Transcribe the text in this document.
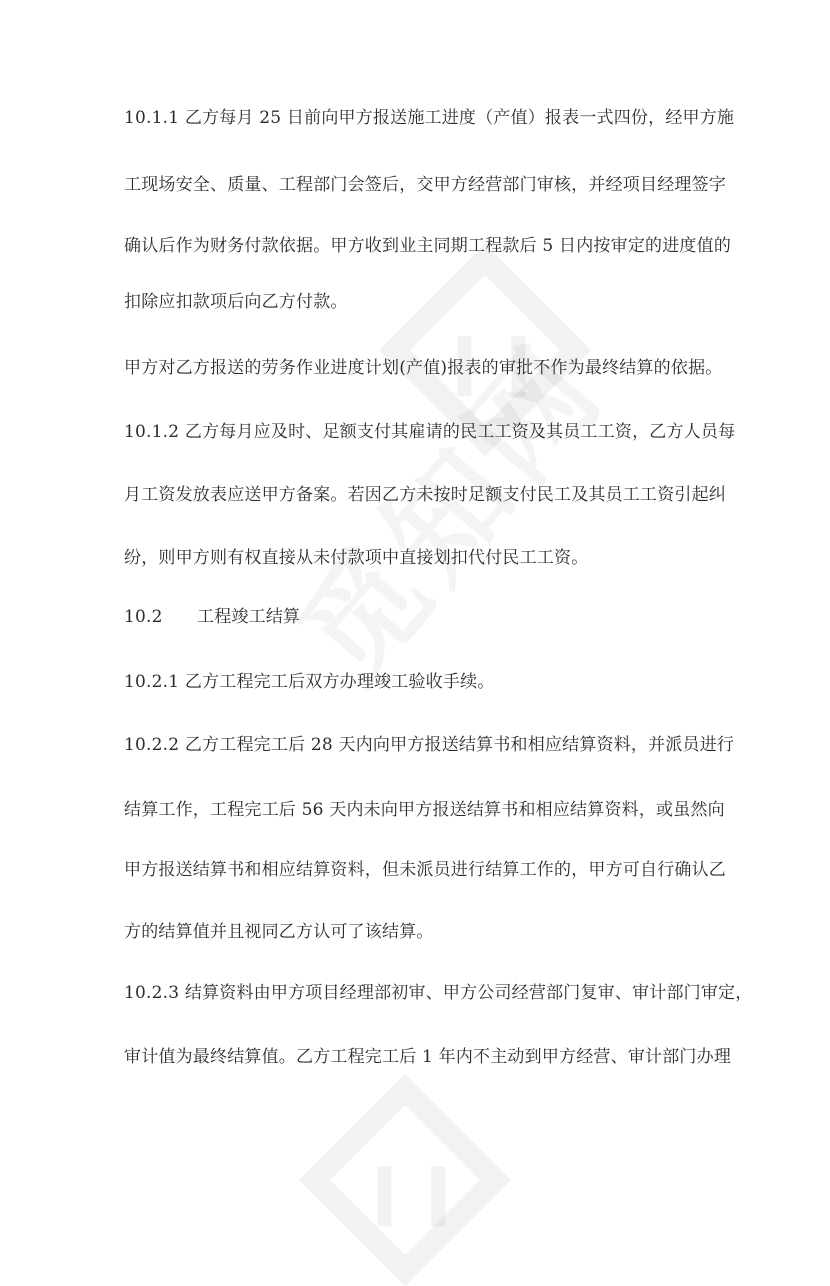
10.1.1 乙方每月 25 日前向甲方报送施工进度（产值）报表一式四份，经甲方施
工现场安全、质量、工程部门会签后，交甲方经营部门审核，并经项目经理签字
确认后作为财务付款依据。甲方收到业主同期工程款后 5 日内按审定的进度值的
扣除应扣款项后向乙方付款。
甲方对乙方报送的劳务作业进度计划(产值)报表的审批不作为最终结算的依据。
10.1.2 乙方每月应及时、足额支付其雇请的民工工资及其员工工资，乙方人员每
月工资发放表应送甲方备案。若因乙方未按时足额支付民工及其员工工资引起纠
纷，则甲方则有权直接从未付款项中直接划扣代付民工工资。
10.2　　工程竣工结算
10.2.1 乙方工程完工后双方办理竣工验收手续。
10.2.2 乙方工程完工后 28 天内向甲方报送结算书和相应结算资料，并派员进行
结算工作，工程完工后 56 天内未向甲方报送结算书和相应结算资料，或虽然向
甲方报送结算书和相应结算资料，但未派员进行结算工作的，甲方可自行确认乙
方的结算值并且视同乙方认可了该结算。
10.2.3 结算资料由甲方项目经理部初审、甲方公司经营部门复审、审计部门审定，
审计值为最终结算值。乙方工程完工后 1 年内不主动到甲方经营、审计部门办理
